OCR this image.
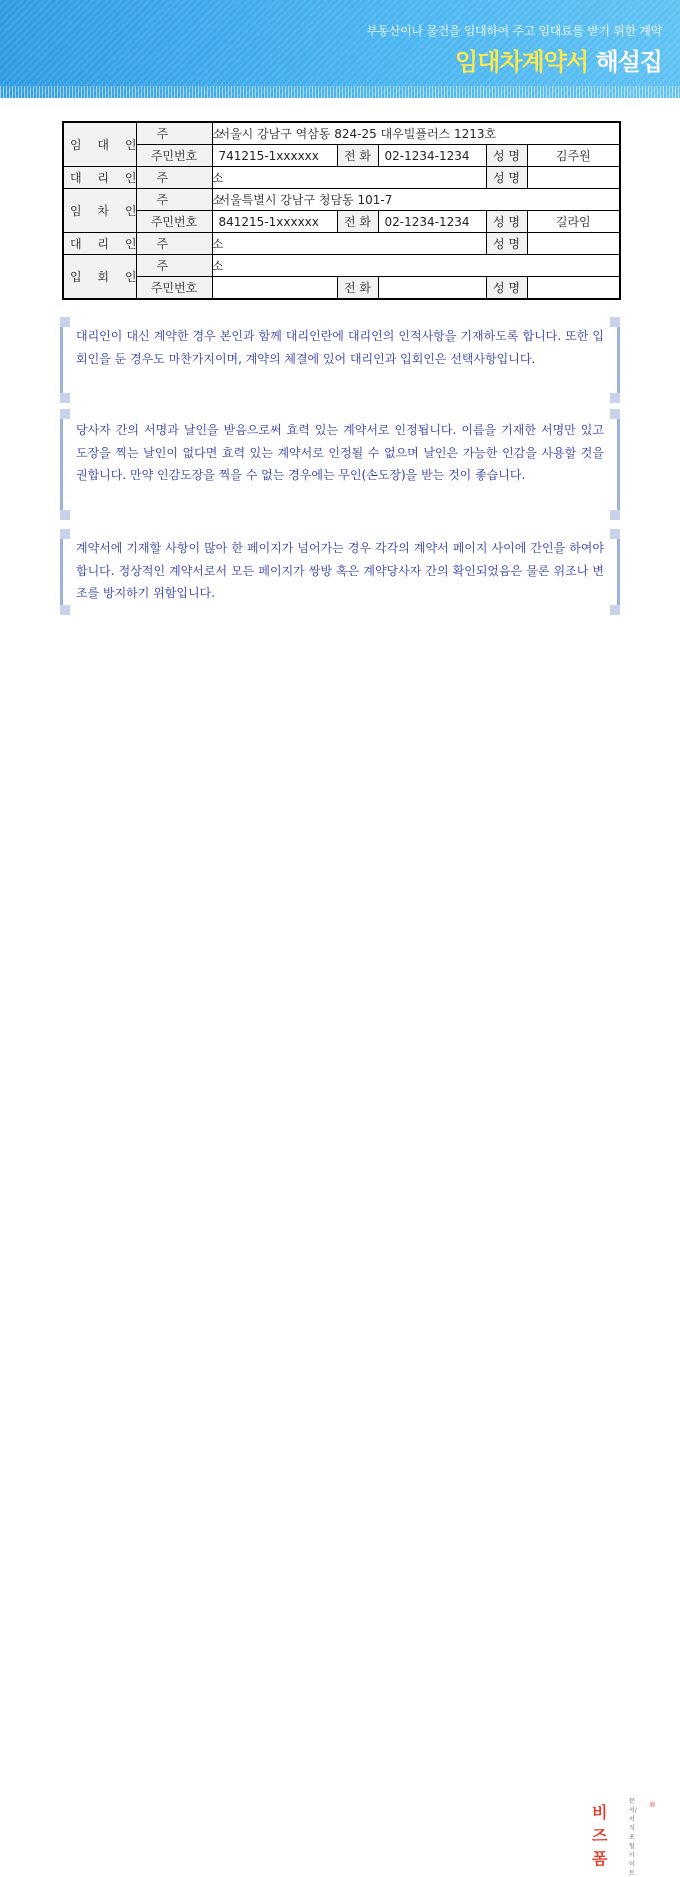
부동산이나 물건을 임대하여 주고 임대료를 받기 위한 계약
임대차계약서 해설집
임 대 인	주 소	서울시 강남구 역삼동 824-25 대우빌플러스 1213호				
	주민번호	741215-1xxxxxx	전 화	02-1234-1234	성 명	김주원
대 리 인	주 소				성 명	
임 차 인	주 소	서울특별시 강남구 청담동 101-7				
	주민번호	841215-1xxxxxx	전 화	02-1234-1234	성 명	길라임
대 리 인	주 소				성 명	
입 회 인	주 소					
	주민번호		전 화		성 명	
대리인이 대신 계약한 경우 본인과 함께 대리인란에 대리인의 인적사항을 기재하도록 합니다. 또한 입회인을 둔 경우도 마찬가지이며, 계약의 체결에 있어 대리인과 입회인은 선택사항입니다.
당사자 간의 서명과 날인을 받음으로써 효력 있는 계약서로 인정됩니다. 이름을 기재한 서명만 있고 도장을 찍는 날인이 없다면 효력 있는 계약서로 인정될 수 없으며 날인은 가능한 인감을 사용할 것을 권합니다. 만약 인감도장을 찍을 수 없는 경우에는 무인(손도장)을 받는 것이 좋습니다.
계약서에 기재할 사항이 많아 한 페이지가 넘어가는 경우 각각의 계약서 페이지 사이에 간인을 하여야 합니다. 정상적인 계약서로서 모든 페이지가 쌍방 혹은 계약당사자 간의 확인되었음은 물론 위조나 변조를 방지하기 위함입니다.
문서/서식 포털사이트
비즈폼
®
